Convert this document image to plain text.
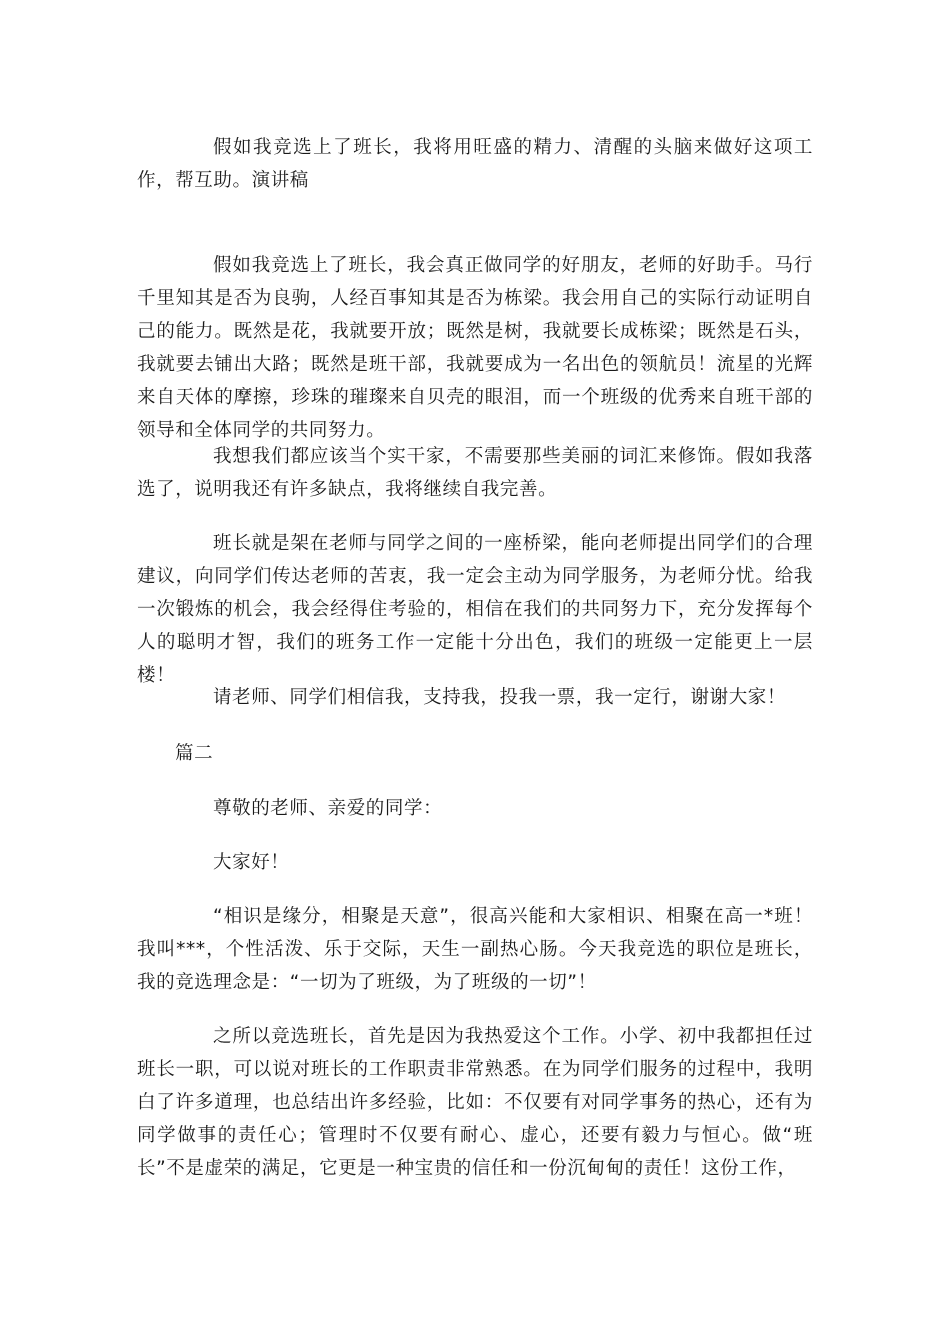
假如我竞选上了班长，我将用旺盛的精力、清醒的头脑来做好这项工作，帮互助。演讲稿

假如我竞选上了班长，我会真正做同学的好朋友，老师的好助手。马行千里知其是否为良驹，人经百事知其是否为栋梁。我会用自己的实际行动证明自己的能力。既然是花，我就要开放；既然是树，我就要长成栋梁；既然是石头，我就要去铺出大路；既然是班干部，我就要成为一名出色的领航员！流星的光辉来自天体的摩擦，珍珠的璀璨来自贝壳的眼泪，而一个班级的优秀来自班干部的领导和全体同学的共同努力。

我想我们都应该当个实干家，不需要那些美丽的词汇来修饰。假如我落选了，说明我还有许多缺点，我将继续自我完善。

班长就是架在老师与同学之间的一座桥梁，能向老师提出同学们的合理建议，向同学们传达老师的苦衷，我一定会主动为同学服务，为老师分忧。给我一次锻炼的机会，我会经得住考验的，相信在我们的共同努力下，充分发挥每个人的聪明才智，我们的班务工作一定能十分出色，我们的班级一定能更上一层楼！

请老师、同学们相信我，支持我，投我一票，我一定行，谢谢大家！

篇二

尊敬的老师、亲爱的同学：

大家好！

“相识是缘分，相聚是天意”，很高兴能和大家相识、相聚在高一*班！我叫***，个性活泼、乐于交际，天生一副热心肠。今天我竞选的职位是班长，我的竞选理念是：“一切为了班级，为了班级的一切”！

之所以竞选班长，首先是因为我热爱这个工作。小学、初中我都担任过班长一职，可以说对班长的工作职责非常熟悉。在为同学们服务的过程中，我明白了许多道理，也总结出许多经验，比如：不仅要有对同学事务的热心，还有为同学做事的责任心；管理时不仅要有耐心、虚心，还要有毅力与恒心。做“班长”不是虚荣的满足，它更是一种宝贵的信任和一份沉甸甸的责任！这份工作，
